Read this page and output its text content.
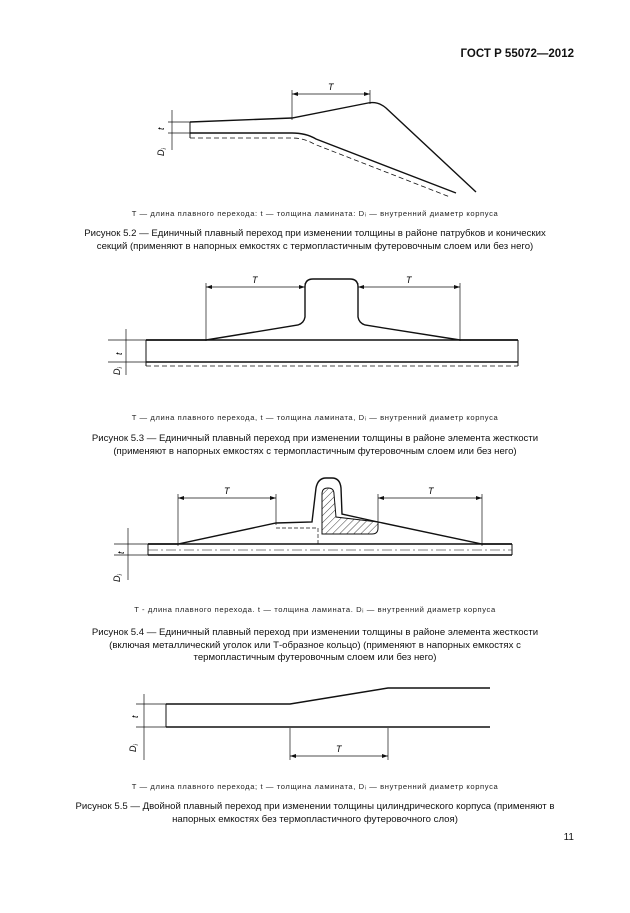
ГОСТ Р 55072—2012
T
t
$D_i$
T — длина плавного перехода: t — толщина ламината: Dᵢ — внутренний диаметр корпуса
Рисунок 5.2 — Единичный плавный переход при изменении толщины в районе патрубков и конических секций (применяют в напорных емкостях с термопластичным футеровочным слоем или без него)
T	T
t
$D_i$
T — длина плавного перехода, t — толщина ламината, Dᵢ — внутренний диаметр корпуса
Рисунок 5.3 — Единичный плавный переход при изменении толщины в районе элемента жесткости (применяют в напорных емкостях с термопластичным футеровочным слоем или без него)
T	T
t
$D_i$
T - длина плавного перехода. t — толщина ламината. Dᵢ — внутренний диаметр корпуса
Рисунок 5.4 — Единичный плавный переход при изменении толщины в районе элемента жесткости (включая металлический уголок или Т-образное кольцо) (применяют в напорных емкостях с термопластичным футеровочным слоем или без него)
T
t
$D_i$
T — длина плавного перехода; t — толщина ламината, Dᵢ — внутренний диаметр корпуса
Рисунок 5.5 — Двойной плавный переход при изменении толщины цилиндрического корпуса (применяют в напорных емкостях без термопластичного футеровочного слоя)
11
